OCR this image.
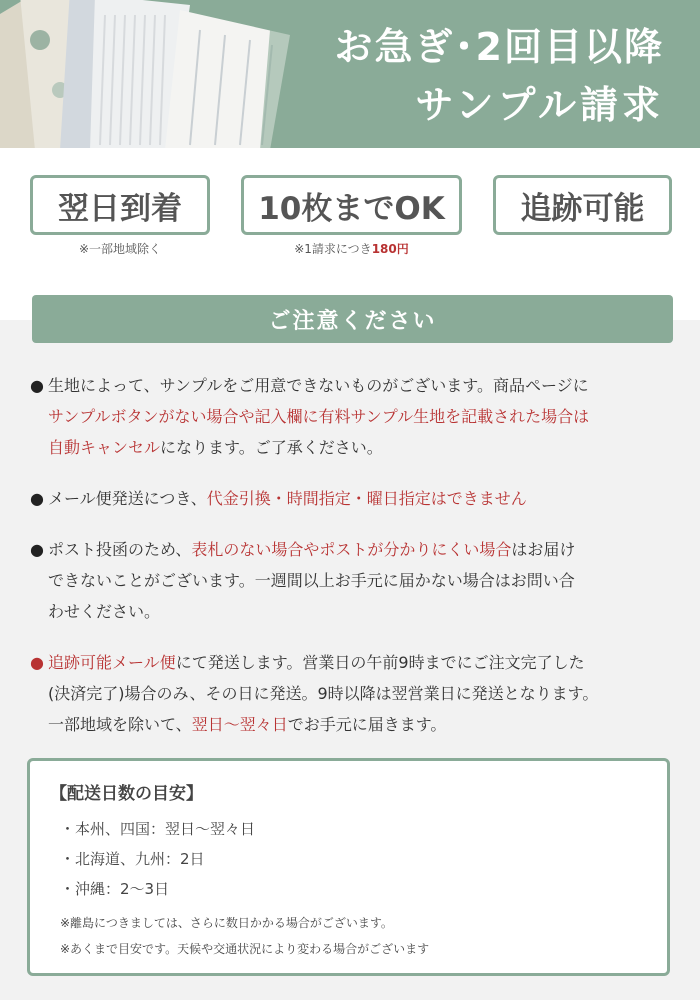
お急ぎ･2回目以降
サンプル請求
翌日到着
※一部地域除く
10枚までOK
※1請求につき180円
追跡可能
ご注意ください
● 生地によって、サンプルをご用意できないものがございます。商品ページに
サンプルボタンがない場合や記入欄に有料サンプル生地を記載された場合は
自動キャンセルになります。ご了承ください。
● メール便発送につき、代金引換・時間指定・曜日指定はできません
● ポスト投函のため、表札のない場合やポストが分かりにくい場合はお届け
できないことがございます。一週間以上お手元に届かない場合はお問い合
わせください。
● 追跡可能メール便にて発送します。営業日の午前9時までにご注文完了した
(決済完了)場合のみ、その日に発送。9時以降は翌営業日に発送となります。
一部地域を除いて、翌日～翌々日でお手元に届きます。
【配送日数の目安】
・本州、四国：翌日～翌々日
・北海道、九州：2日
・沖縄：2～3日
※離島につきましては、さらに数日かかる場合がございます。
※あくまで目安です。天候や交通状況により変わる場合がございます
